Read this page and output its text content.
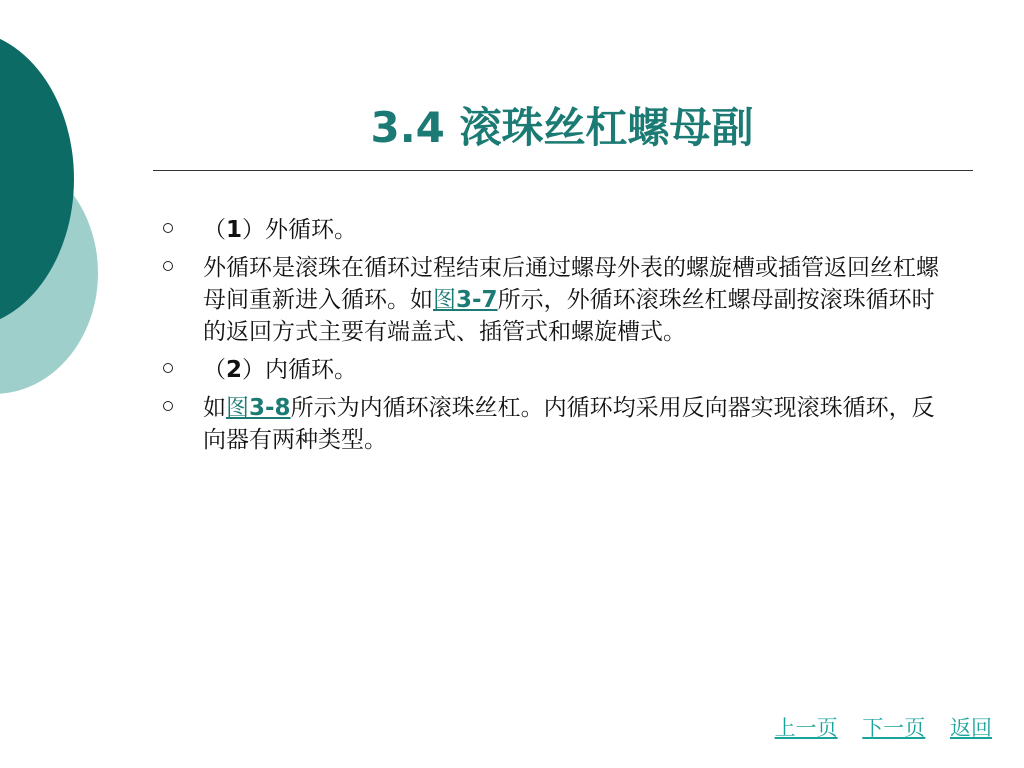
3.4 滚珠丝杠螺母副
（1）外循环。
外循环是滚珠在循环过程结束后通过螺母外表的螺旋槽或插管返回丝杠螺母间重新进入循环。如图3-7所示，外循环滚珠丝杠螺母副按滚珠循环时的返回方式主要有端盖式、插管式和螺旋槽式。
（2）内循环。
如图3-8所示为内循环滚珠丝杠。内循环均采用反向器实现滚珠循环，反向器有两种类型。
上一页 下一页 返回
